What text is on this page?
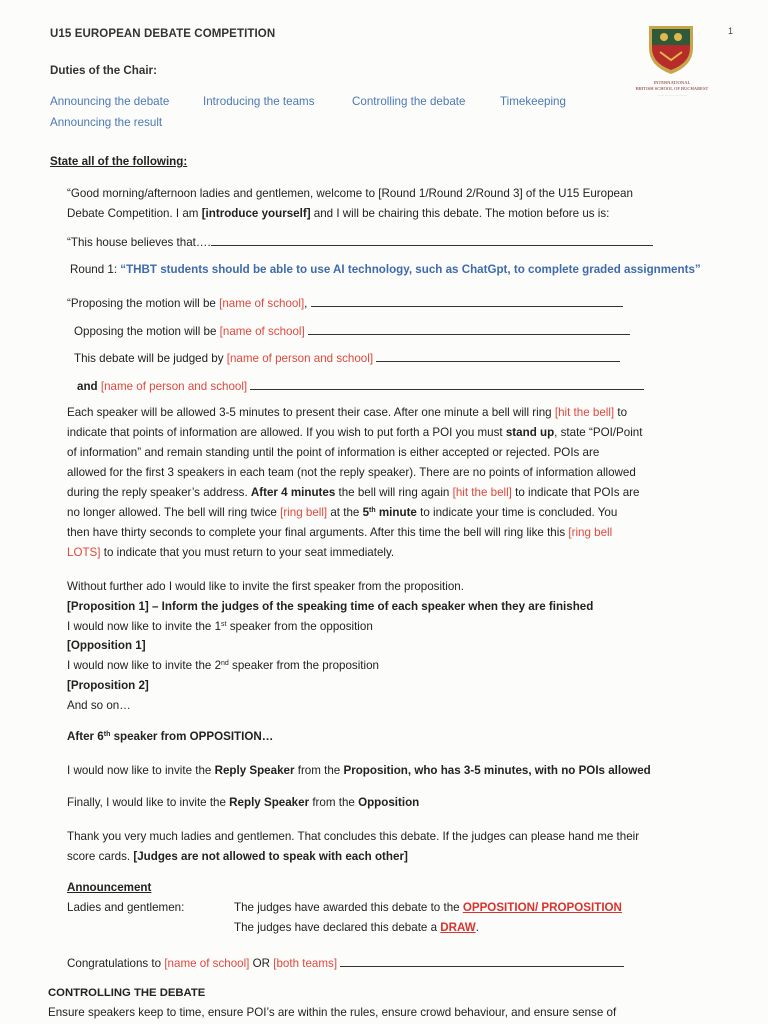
U15 EUROPEAN DEBATE COMPETITION
Duties of the Chair:
Announcing the debate	Introducing the teams	Controlling the debate	Timekeeping
Announcing the result
INTERNATIONAL
BRITISH SCHOOL OF BUCHAREST
— — — — — — — —
1
State all of the following:
“Good morning/afternoon ladies and gentlemen, welcome to [Round 1/Round 2/Round 3] of the U15 European
Debate Competition. I am [introduce yourself] and I will be chairing this debate. The motion before us is:
“This house believes that….
Round 1: “THBT students should be able to use AI technology, such as ChatGpt, to complete graded assignments”
“Proposing the motion will be [name of school],
Opposing the motion will be [name of school]
This debate will be judged by [name of person and school]
and [name of person and school]
Each speaker will be allowed 3-5 minutes to present their case. After one minute a bell will ring [hit the bell] to
indicate that points of information are allowed. If you wish to put forth a POI you must stand up, state “POI/Point
of information” and remain standing until the point of information is either accepted or rejected. POIs are
allowed for the first 3 speakers in each team (not the reply speaker). There are no points of information allowed
during the reply speaker’s address. After 4 minutes the bell will ring again [hit the bell] to indicate that POIs are
no longer allowed. The bell will ring twice [ring bell] at the 5th minute to indicate your time is concluded. You
then have thirty seconds to complete your final arguments. After this time the bell will ring like this [ring bell
LOTS] to indicate that you must return to your seat immediately.
Without further ado I would like to invite the first speaker from the proposition.
[Proposition 1] – Inform the judges of the speaking time of each speaker when they are finished
I would now like to invite the 1st speaker from the opposition
[Opposition 1]
I would now like to invite the 2nd speaker from the proposition
[Proposition 2]
And so on…
After 6th speaker from OPPOSITION…
I would now like to invite the Reply Speaker from the Proposition, who has 3-5 minutes, with no POIs allowed
Finally, I would like to invite the Reply Speaker from the Opposition
Thank you very much ladies and gentlemen. That concludes this debate. If the judges can please hand me their
score cards. [Judges are not allowed to speak with each other]
Announcement
Ladies and gentlemen:	The judges have awarded this debate to the OPPOSITION/ PROPOSITION
The judges have declared this debate a DRAW.
Congratulations to [name of school] OR [both teams]
CONTROLLING THE DEBATE
Ensure speakers keep to time, ensure POI’s are within the rules, ensure crowd behaviour, and ensure sense of
